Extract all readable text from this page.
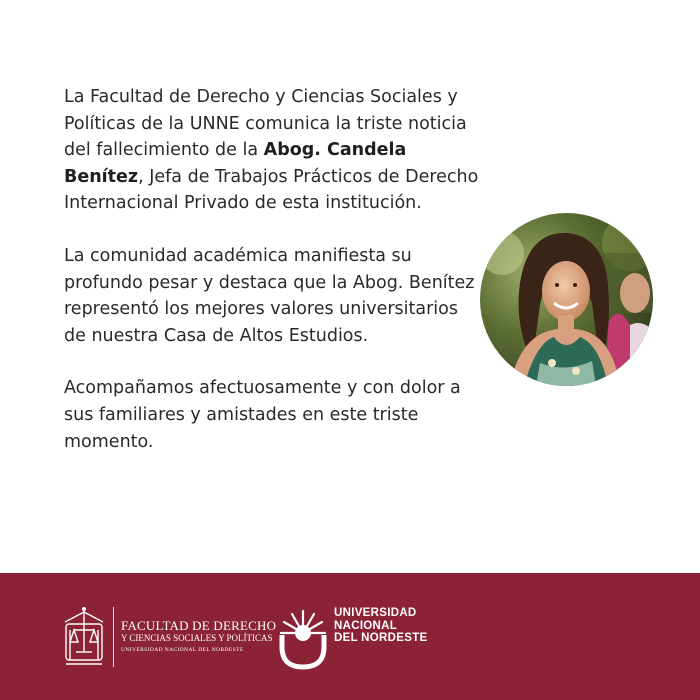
La Facultad de Derecho y Ciencias Sociales y Políticas de la UNNE comunica la triste noticia del fallecimiento de la Abog. Candela Benítez, Jefa de Trabajos Prácticos de Derecho Internacional Privado de esta institución.

La comunidad académica manifiesta su profundo pesar y destaca que la Abog. Benítez representó los mejores valores universitarios de nuestra Casa de Altos Estudios.

Acompañamos afectuosamente y con dolor a sus familiares y amistades en este triste momento.

FACULTAD DE DERECHO
Y CIENCIAS SOCIALES Y POLÍTICAS
UNIVERSIDAD NACIONAL DEL NORDESTE
UNIVERSIDAD
NACIONAL
DEL NORDESTE
